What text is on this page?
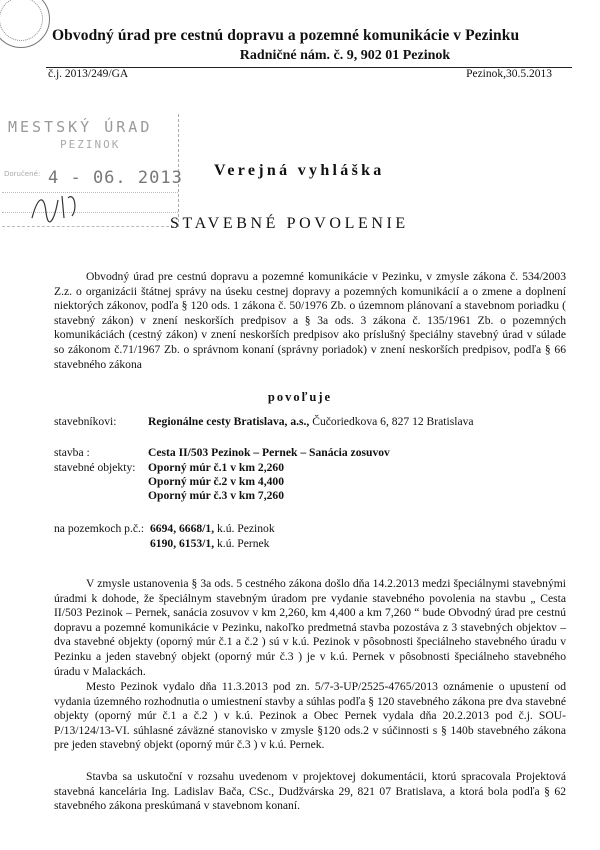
Obvodný úrad pre cestnú dopravu a pozemné komunikácie v Pezinku
Radničné nám. č. 9, 902 01 Pezinok
č.j. 2013/249/GA	Pezinok,30.5.2013
MESTSKÝ ÚRAD
PEZINOK
Doručené: 4 - 06. 2013 Verejná vyhláška
STAVEBNÉ POVOLENIE

Obvodný úrad pre cestnú dopravu a pozemné komunikácie v Pezinku, v zmysle zákona č. 534/2003 Z.z. o organizácii štátnej správy na úseku cestnej dopravy a pozemných komunikácií a o zmene a doplnení niektorých zákonov, podľa § 120 ods. 1 zákona č. 50/1976 Zb. o územnom plánovaní a stavebnom poriadku ( stavebný zákon) v znení neskorších predpisov a § 3a ods. 3 zákona č. 135/1961 Zb. o pozemných komunikáciách (cestný zákon) v znení neskorších predpisov ako príslušný špeciálny stavebný úrad v súlade so zákonom č.71/1967 Zb. o správnom konaní (správny poriadok) v znení neskorších predpisov, podľa § 66 stavebného zákona

povoľuje
stavebníkovi:	Regionálne cesty Bratislava, a.s., Čučoriedkova 6, 827 12 Bratislava
stavba :
stavebné objekty:
Cesta II/503 Pezinok – Pernek – Sanácia zosuvov
Oporný múr č.1 v km 2,260
Oporný múr č.2 v km 4,400
Oporný múr č.3 v km 7,260
na pozemkoch p.č.: 6694, 6668/1, k.ú. Pezinok
6190, 6153/1, k.ú. Pernek

V zmysle ustanovenia § 3a ods. 5 cestného zákona došlo dňa 14.2.2013 medzi špeciálnymi stavebnými úradmi k dohode, že špeciálnym stavebným úradom pre vydanie stavebného povolenia na stavbu „ Cesta II/503 Pezinok – Pernek, sanácia zosuvov v km 2,260, km 4,400 a km 7,260 “ bude Obvodný úrad pre cestnú dopravu a pozemné komunikácie v Pezinku, nakoľko predmetná stavba pozostáva z 3 stavebných objektov – dva stavebné objekty (oporný múr č.1 a č.2 ) sú v k.ú. Pezinok v pôsobnosti špeciálneho stavebného úradu v Pezinku a jeden stavebný objekt (oporný múr č.3 ) je v k.ú. Pernek v pôsobnosti špeciálneho stavebného úradu v Malackách.

Mesto Pezinok vydalo dňa 11.3.2013 pod zn. 5/7-3-UP/2525-4765/2013 oznámenie o upustení od vydania územného rozhodnutia o umiestnení stavby a súhlas podľa § 120 stavebného zákona pre dva stavebné objekty (oporný múr č.1 a č.2 ) v k.ú. Pezinok a Obec Pernek vydala dňa 20.2.2013 pod č.j. SOU-P/13/124/13-VI. súhlasné záväzné stanovisko v zmysle §120 ods.2 v súčinnosti s § 140b stavebného zákona pre jeden stavebný objekt (oporný múr č.3 ) v k.ú. Pernek.

Stavba sa uskutoční v rozsahu uvedenom v projektovej dokumentácii, ktorú spracovala Projektová stavebná kancelária Ing. Ladislav Bača, CSc., Dudžvárska 29, 821 07 Bratislava, a ktorá bola podľa § 62 stavebného zákona preskúmaná v stavebnom konaní.
